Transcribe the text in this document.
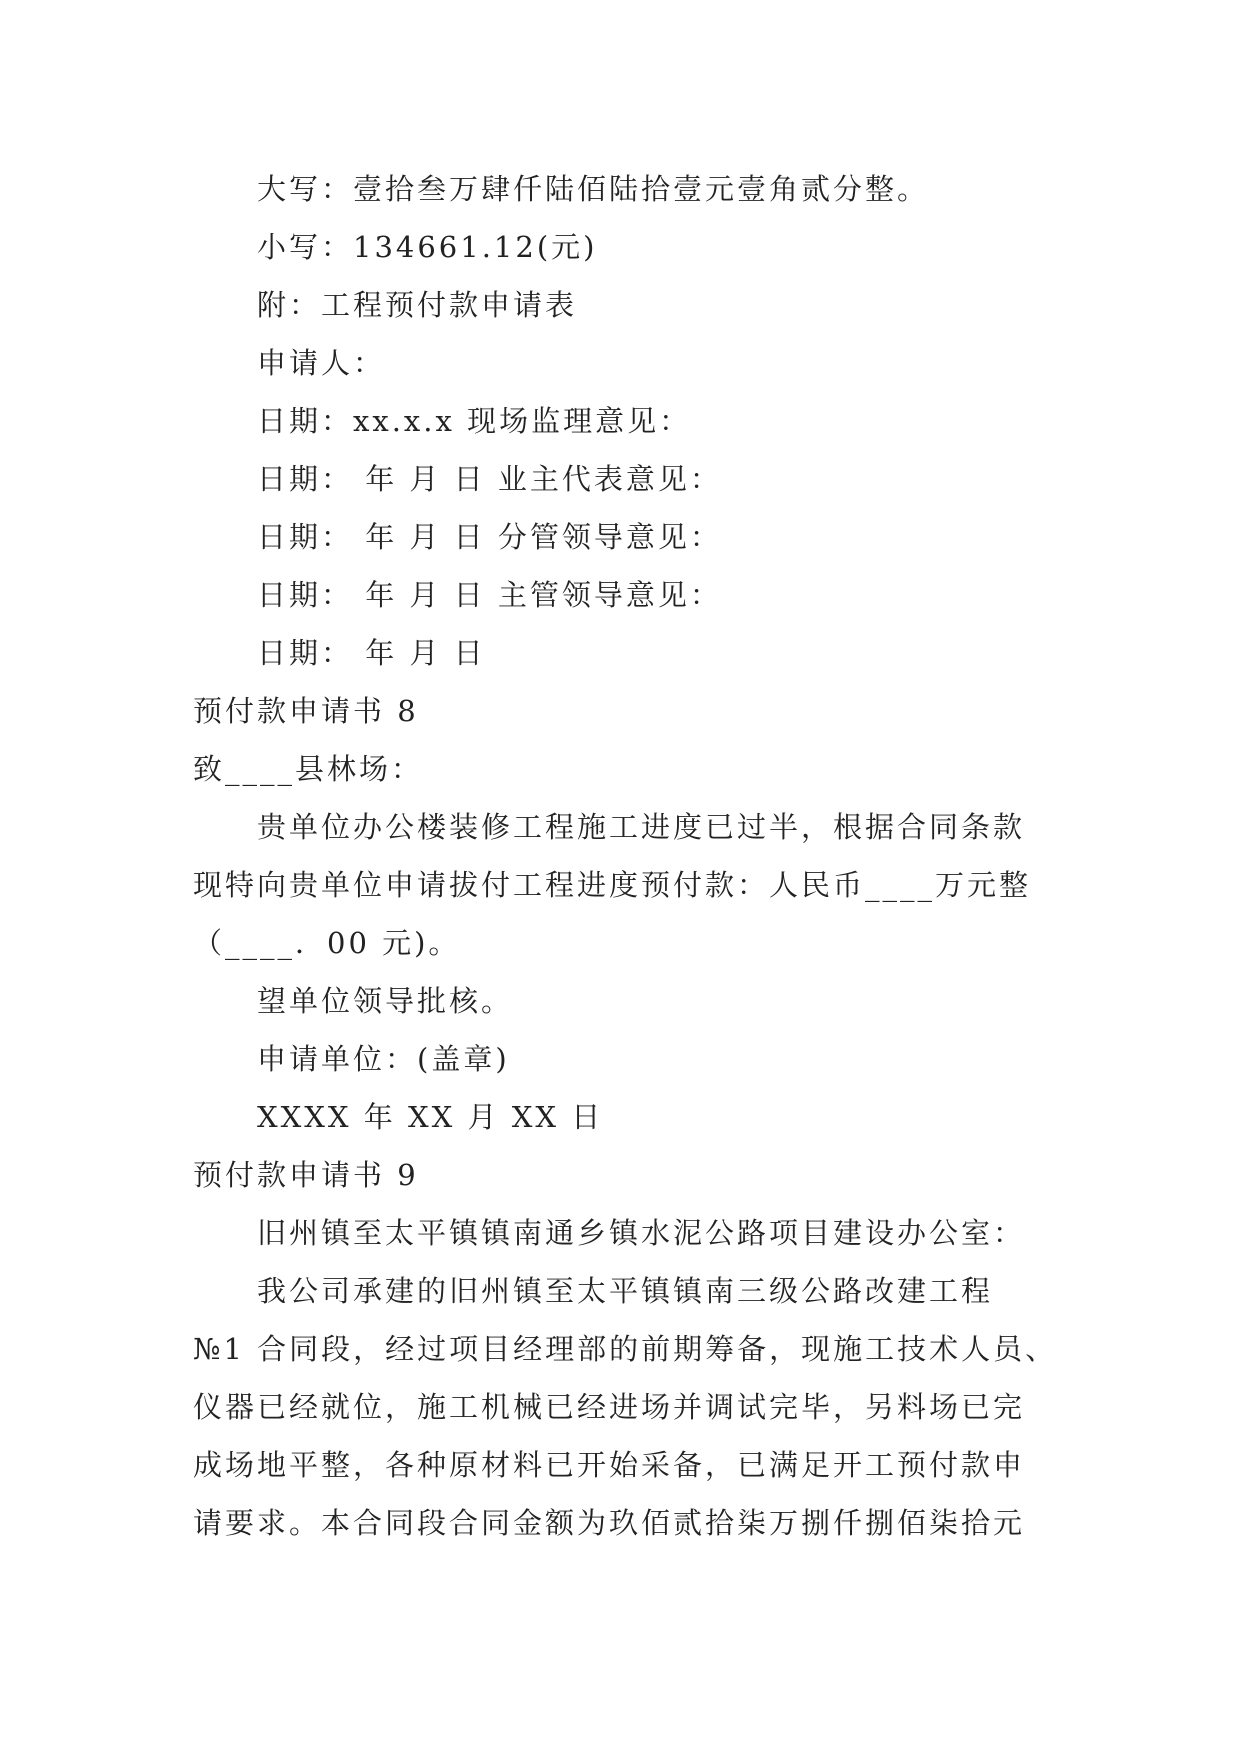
大写：壹拾叁万肆仟陆佰陆拾壹元壹角贰分整。
小写：134661.12(元)
附：工程预付款申请表
申请人：
日期：xx.x.x 现场监理意见：
日期： 年 月 日 业主代表意见：
日期： 年 月 日 分管领导意见：
日期： 年 月 日 主管领导意见：
日期： 年 月 日
预付款申请书 8
致____县林场：
贵单位办公楼装修工程施工进度已过半，根据合同条款
现特向贵单位申请拔付工程进度预付款：人民币____万元整
（____．00 元)。
望单位领导批核。
申请单位：(盖章)
XXXX 年 XX 月 XX 日
预付款申请书 9
旧州镇至太平镇镇南通乡镇水泥公路项目建设办公室：
我公司承建的旧州镇至太平镇镇南三级公路改建工程
№1 合同段，经过项目经理部的前期筹备，现施工技术人员、
仪器已经就位，施工机械已经进场并调试完毕，另料场已完
成场地平整，各种原材料已开始采备，已满足开工预付款申
请要求。本合同段合同金额为玖佰贰拾柒万捌仟捌佰柒拾元
